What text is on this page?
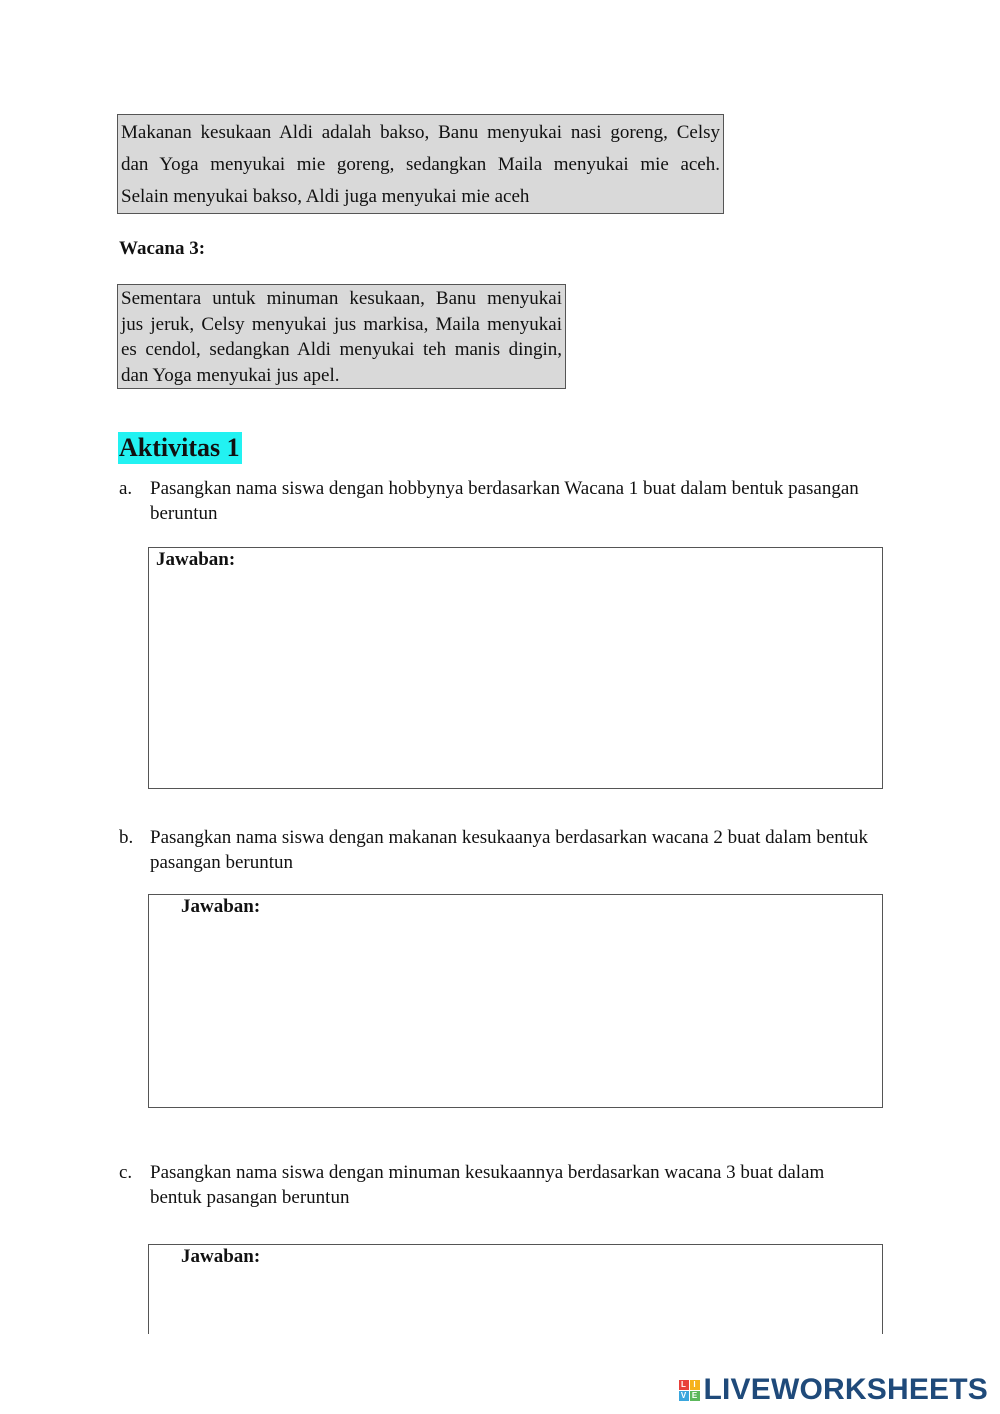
Makanan kesukaan Aldi adalah bakso, Banu menyukai nasi goreng, Celsy
dan Yoga menyukai mie goreng, sedangkan Maila menyukai mie aceh.
Selain menyukai bakso, Aldi juga menyukai mie aceh
Wacana 3:
Sementara untuk minuman kesukaan, Banu menyukai
jus jeruk, Celsy menyukai jus markisa, Maila menyukai
es cendol, sedangkan Aldi menyukai teh manis dingin,
dan Yoga menyukai jus apel.
Aktivitas 1
a. Pasangkan nama siswa dengan hobbynya berdasarkan Wacana 1 buat dalam bentuk pasangan beruntun
Jawaban:
b. Pasangkan nama siswa dengan makanan kesukaanya berdasarkan wacana 2 buat dalam bentuk pasangan beruntun
Jawaban:
c. Pasangkan nama siswa dengan minuman kesukaannya berdasarkan wacana 3 buat dalam bentuk pasangan beruntun
Jawaban:
L I
V E LIVEWORKSHEETS
